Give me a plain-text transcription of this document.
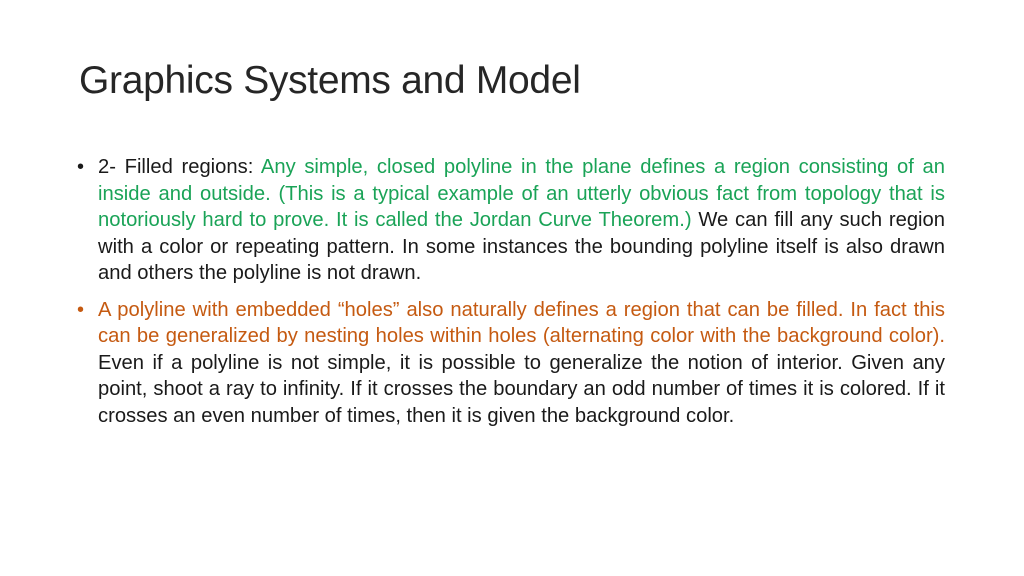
Graphics Systems and Model
• 2- Filled regions: Any simple, closed polyline in the plane defines a region consisting of an inside and outside. (This is a typical example of an utterly obvious fact from topology that is notoriously hard to prove. It is called the Jordan Curve Theorem.) We can fill any such region with a color or repeating pattern. In some instances the bounding polyline itself is also drawn and others the polyline is not drawn.
• A polyline with embedded “holes” also naturally defines a region that can be filled. In fact this can be generalized by nesting holes within holes (alternating color with the background color). Even if a polyline is not simple, it is possible to generalize the notion of interior. Given any point, shoot a ray to infinity. If it crosses the boundary an odd number of times it is colored. If it crosses an even number of times, then it is given the background color.
